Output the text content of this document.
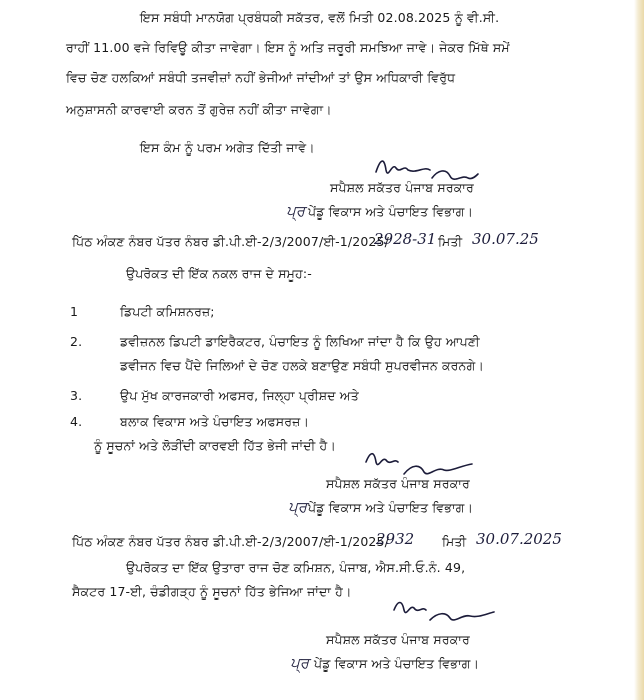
ਇਸ ਸਬੰਧੀ ਮਾਨਯੋਗ ਪ੍ਰਬੰਧਕੀ ਸਕੱਤਰ, ਵਲੋਂ ਮਿਤੀ 02.08.2025 ਨੂੰ ਵੀ.ਸੀ.

ਰਾਹੀਂ 11.00 ਵਜੇ ਰਿਵਿਊ ਕੀਤਾ ਜਾਵੇਗਾ। ਇਸ ਨੂੰ ਅਤਿ ਜਰੂਰੀ ਸਮਝਿਆ ਜਾਵੇ। ਜੇਕਰ ਮਿੱਥੇ ਸਮੇਂ

ਵਿਚ ਚੋਣ ਹਲਕਿਆਂ ਸਬੰਧੀ ਤਜਵੀਜ਼ਾਂ ਨਹੀਂ ਭੇਜੀਆਂ ਜਾਂਦੀਆਂ ਤਾਂ ਉਸ ਅਧਿਕਾਰੀ ਵਿਰੁੱਧ

ਅਨੁਸ਼ਾਸਨੀ ਕਾਰਵਾਈ ਕਰਨ ਤੋਂ ਗੁਰੇਜ਼ ਨਹੀਂ ਕੀਤਾ ਜਾਵੇਗਾ।

ਇਸ ਕੰਮ ਨੂੰ ਪਰਮ ਅਗੇਤ ਦਿੱਤੀ ਜਾਵੇ।

ਸਪੈਸ਼ਲ ਸਕੱਤਰ ਪੰਜਾਬ ਸਰਕਾਰ

ਪ੍ਰ ਪੇਂਡੂ ਵਿਕਾਸ ਅਤੇ ਪੰਚਾਇਤ ਵਿਭਾਗ।

ਪਿੱਠ ਅੰਕਣ ਨੰਬਰ ਪੱਤਰ ਨੰਬਰ ਡੀ.ਪੀ.ਈ-2/3/2007/ਈ-1/2025/

2928-31 ਮਿਤੀ 30.07.25

ਉਪਰੋਕਤ ਦੀ ਇੱਕ ਨਕਲ ਰਾਜ ਦੇ ਸਮੂਹ:-

1	ਡਿਪਟੀ ਕਮਿਸ਼ਨਰਜ਼;

2.	ਡਵੀਜ਼ਨਲ ਡਿਪਟੀ ਡਾਇਰੈਕਟਰ, ਪੰਚਾਇਤ ਨੂੰ ਲਿਖਿਆ ਜਾਂਦਾ ਹੈ ਕਿ ਉਹ ਆਪਣੀ

ਡਵੀਜਨ ਵਿਚ ਪੈਂਦੇ ਜਿਲਿਆਂ ਦੇ ਚੋਣ ਹਲਕੇ ਬਣਾਉਣ ਸਬੰਧੀ ਸੁਪਰਵੀਜਨ ਕਰਨਗੇ।

3.	ਉਪ ਮੁੱਖ ਕਾਰਜਕਾਰੀ ਅਫਸਰ, ਜਿਲ੍ਹਾ ਪ੍ਰੀਸ਼ਦ ਅਤੇ

4.	ਬਲਾਕ ਵਿਕਾਸ ਅਤੇ ਪੰਚਾਇਤ ਅਫਸਰਜ਼।

ਨੂੰ ਸੂਚਨਾਂ ਅਤੇ ਲੋੜੀਂਦੀ ਕਾਰਵਈ ਹਿੱਤ ਭੇਜੀ ਜਾਂਦੀ ਹੈ।

ਸਪੈਸ਼ਲ ਸਕੱਤਰ ਪੰਜਾਬ ਸਰਕਾਰ

ਪ੍ਰ ਪੇਂਡੂ ਵਿਕਾਸ ਅਤੇ ਪੰਚਾਇਤ ਵਿਭਾਗ।

ਪਿੱਠ ਅੰਕਣ ਨੰਬਰ ਪੱਤਰ ਨੰਬਰ ਡੀ.ਪੀ.ਈ-2/3/2007/ਈ-1/2025/

2932 ਮਿਤੀ 30.07.2025

ਉਪਰੋਕਤ ਦਾ ਇੱਕ ਉਤਾਰਾ ਰਾਜ ਚੋਣ ਕਮਿਸ਼ਨ, ਪੰਜਾਬ, ਐਸ.ਸੀ.ਓ.ਨੰ. 49,

ਸੈਕਟਰ 17-ਈ, ਚੰਡੀਗੜ੍ਹ ਨੂੰ ਸੂਚਨਾਂ ਹਿੱਤ ਭੇਜਿਆ ਜਾਂਦਾ ਹੈ।

ਸਪੈਸ਼ਲ ਸਕੱਤਰ ਪੰਜਾਬ ਸਰਕਾਰ

ਪ੍ਰ ਪੇਂਡੂ ਵਿਕਾਸ ਅਤੇ ਪੰਚਾਇਤ ਵਿਭਾਗ।
